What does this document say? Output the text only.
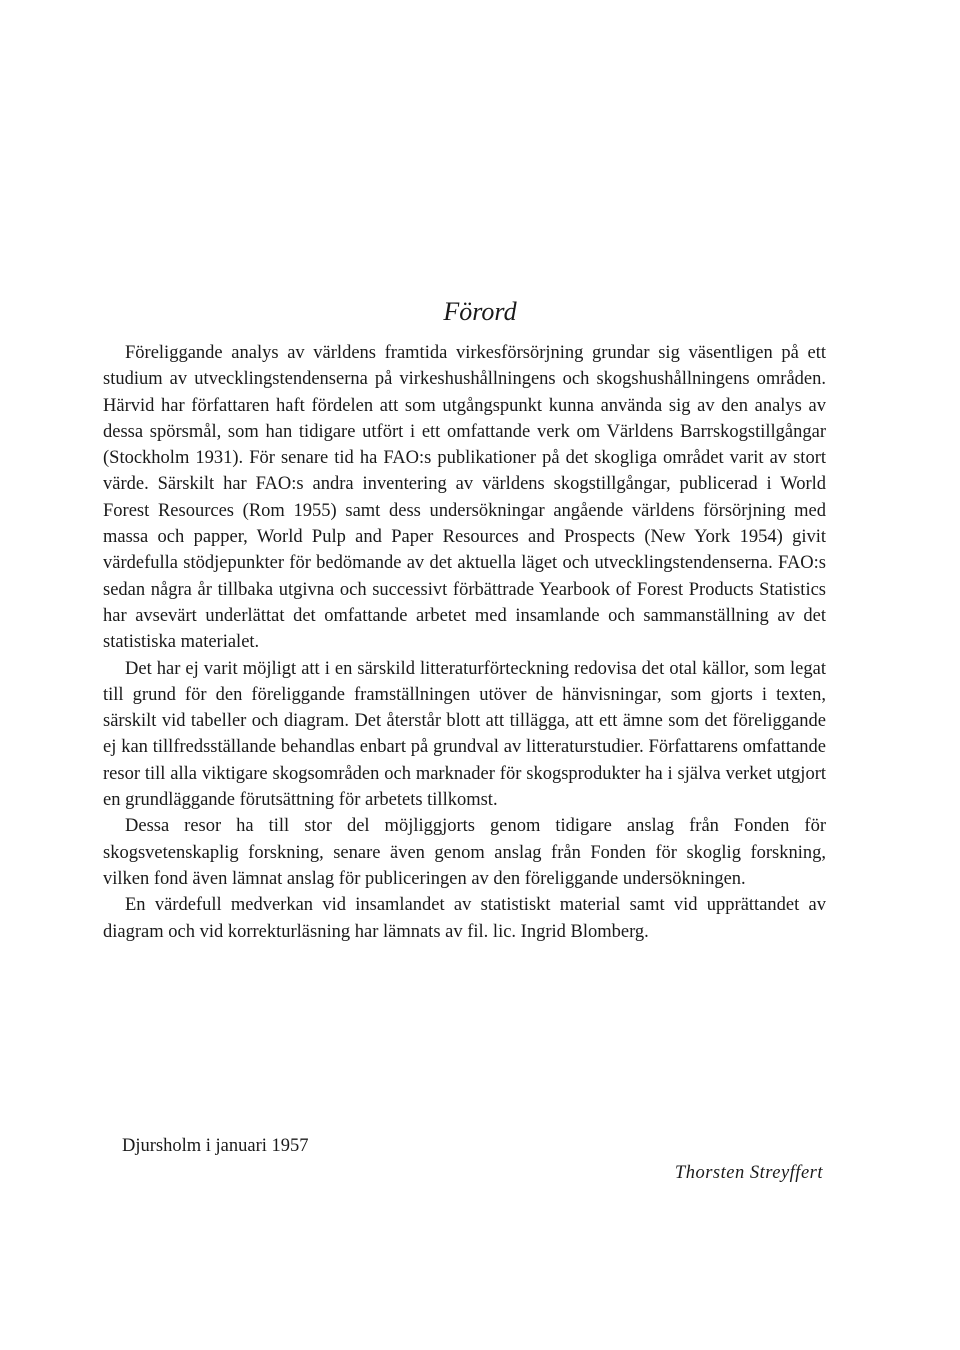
Förord

Föreliggande analys av världens framtida virkesförsörjning grundar sig väsentligen på ett studium av utvecklingstendenserna på virkeshushållningens och skogshushållningens områden. Härvid har författaren haft fördelen att som utgångspunkt kunna använda sig av den analys av dessa spörsmål, som han tidigare utfört i ett omfattande verk om Världens Barrskogstillgångar (Stockholm 1931). För senare tid ha FAO:s publikationer på det skogliga området varit av stort värde. Särskilt har FAO:s andra inventering av världens skogstillgångar, publicerad i World Forest Resources (Rom 1955) samt dess undersökningar angående världens försörjning med massa och papper, World Pulp and Paper Resources and Prospects (New York 1954) givit värdefulla stödjepunkter för bedömande av det aktuella läget och utvecklingstendenserna. FAO:s sedan några år tillbaka utgivna och successivt förbättrade Yearbook of Forest Products Statistics har avsevärt underlättat det omfattande arbetet med insamlande och sammanställning av det statistiska materialet.

Det har ej varit möjligt att i en särskild litteraturförteckning redovisa det otal källor, som legat till grund för den föreliggande framställningen utöver de hänvisningar, som gjorts i texten, särskilt vid tabeller och diagram. Det återstår blott att tillägga, att ett ämne som det föreliggande ej kan tillfredsställande behandlas enbart på grundval av litteraturstudier. Författarens omfattande resor till alla viktigare skogsområden och marknader för skogsprodukter ha i själva verket utgjort en grundläggande förutsättning för arbetets tillkomst.

Dessa resor ha till stor del möjliggjorts genom tidigare anslag från Fonden för skogsvetenskaplig forskning, senare även genom anslag från Fonden för skoglig forskning, vilken fond även lämnat anslag för publiceringen av den föreliggande undersökningen.

En värdefull medverkan vid insamlandet av statistiskt material samt vid upprättandet av diagram och vid korrekturläsning har lämnats av fil. lic. Ingrid Blomberg.

Djursholm i januari 1957

Thorsten Streyffert
